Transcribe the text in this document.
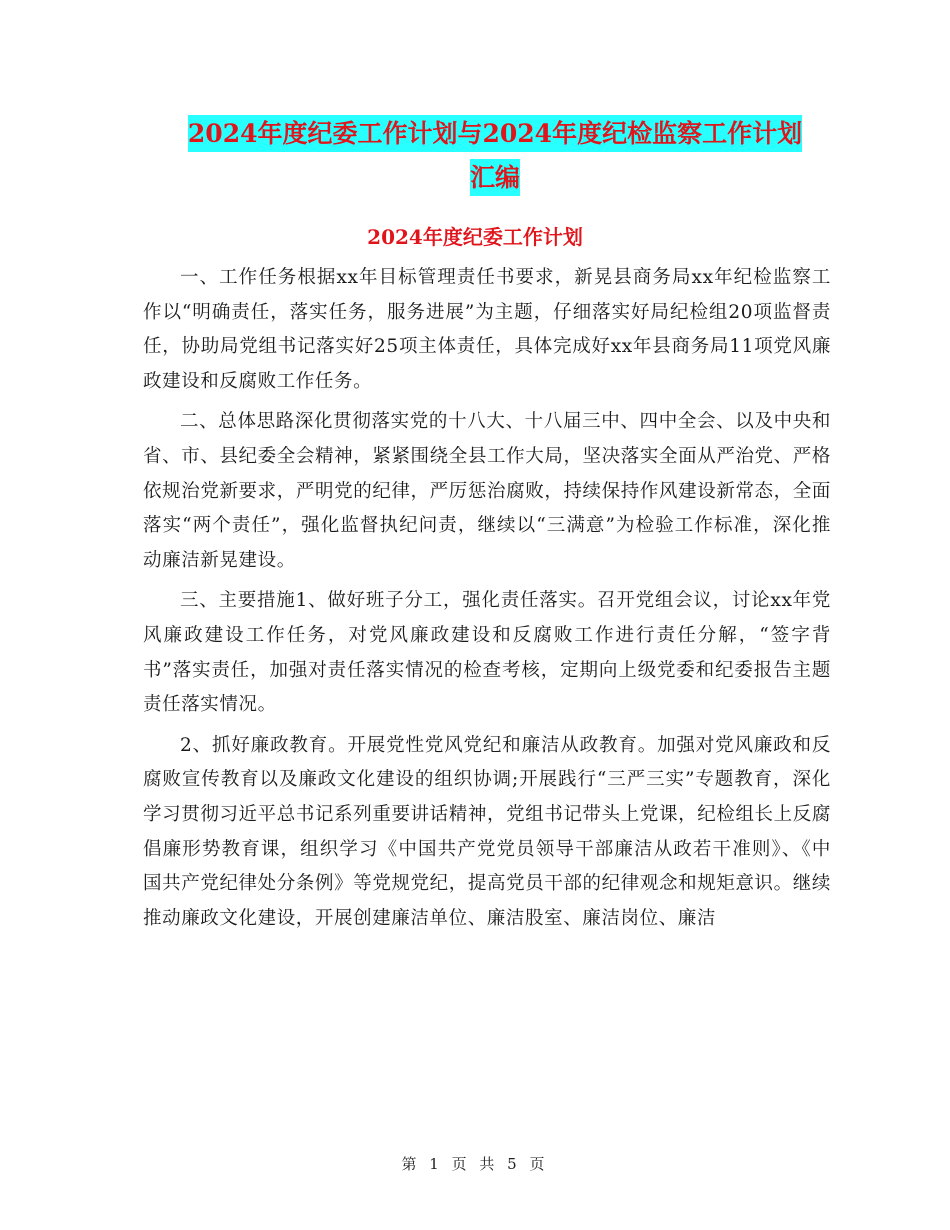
2024年度纪委工作计划与2024年度纪检监察工作计划
汇编
2024年度纪委工作计划

一、工作任务根据xx年目标管理责任书要求，新晃县商务局xx年纪检监察工作以“明确责任，落实任务，服务进展”为主题，仔细落实好局纪检组20项监督责任，协助局党组书记落实好25项主体责任，具体完成好xx年县商务局11项党风廉政建设和反腐败工作任务。

二、总体思路深化贯彻落实党的十八大、十八届三中、四中全会、以及中央和省、市、县纪委全会精神，紧紧围绕全县工作大局，坚决落实全面从严治党、严格依规治党新要求，严明党的纪律，严厉惩治腐败，持续保持作风建设新常态，全面落实“两个责任”，强化监督执纪问责，继续以“三满意”为检验工作标准，深化推动廉洁新晃建设。

三、主要措施1、做好班子分工，强化责任落实。召开党组会议，讨论xx年党风廉政建设工作任务，对党风廉政建设和反腐败工作进行责任分解，“签字背书”落实责任，加强对责任落实情况的检查考核，定期向上级党委和纪委报告主题责任落实情况。

2、抓好廉政教育。开展党性党风党纪和廉洁从政教育。加强对党风廉政和反腐败宣传教育以及廉政文化建设的组织协调;开展践行“三严三实”专题教育，深化学习贯彻习近平总书记系列重要讲话精神，党组书记带头上党课，纪检组长上反腐倡廉形势教育课，组织学习《中国共产党党员领导干部廉洁从政若干准则》、《中国共产党纪律处分条例》等党规党纪，提高党员干部的纪律观念和规矩意识。继续推动廉政文化建设，开展创建廉洁单位、廉洁股室、廉洁岗位、廉洁

第 1 页 共 5 页
